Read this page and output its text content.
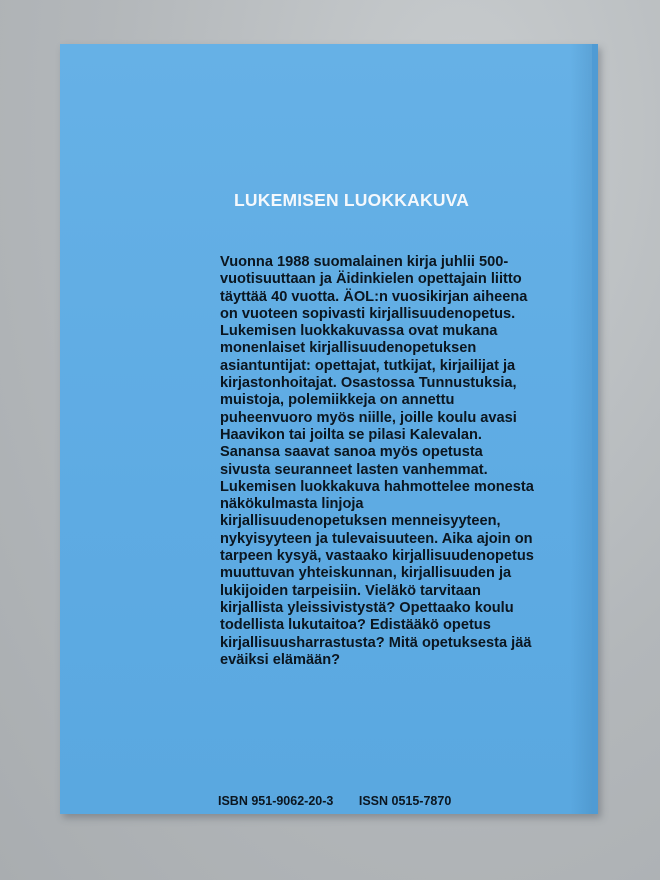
LUKEMISEN LUOKKAKUVA
Vuonna 1988 suomalainen kirja juhlii 500-
vuotisuuttaan ja Äidinkielen opettajain liitto
täyttää 40 vuotta. ÄOL:n vuosikirjan aiheena
on vuoteen sopivasti kirjallisuudenopetus.
Lukemisen luokkakuvassa ovat mukana
monenlaiset kirjallisuudenopetuksen
asiantuntijat: opettajat, tutkijat, kirjailijat ja
kirjastonhoitajat. Osastossa Tunnustuksia,
muistoja, polemiikkeja on annettu
puheenvuoro myös niille, joille koulu avasi
Haavikon tai joilta se pilasi Kalevalan.
Sanansa saavat sanoa myös opetusta
sivusta seuranneet lasten vanhemmat.
Lukemisen luokkakuva hahmottelee monesta
näkökulmasta linjoja
kirjallisuudenopetuksen menneisyyteen,
nykyisyyteen ja tulevaisuuteen. Aika ajoin on
tarpeen kysyä, vastaako kirjallisuudenopetus
muuttuvan yhteiskunnan, kirjallisuuden ja
lukijoiden tarpeisiin. Vieläkö tarvitaan
kirjallista yleissivistystä? Opettaako koulu
todellista lukutaitoa? Edistääkö opetus
kirjallisuusharrastusta? Mitä opetuksesta jää
eväiksi elämään?
ISBN 951-9062-20-3 ISSN 0515-7870
